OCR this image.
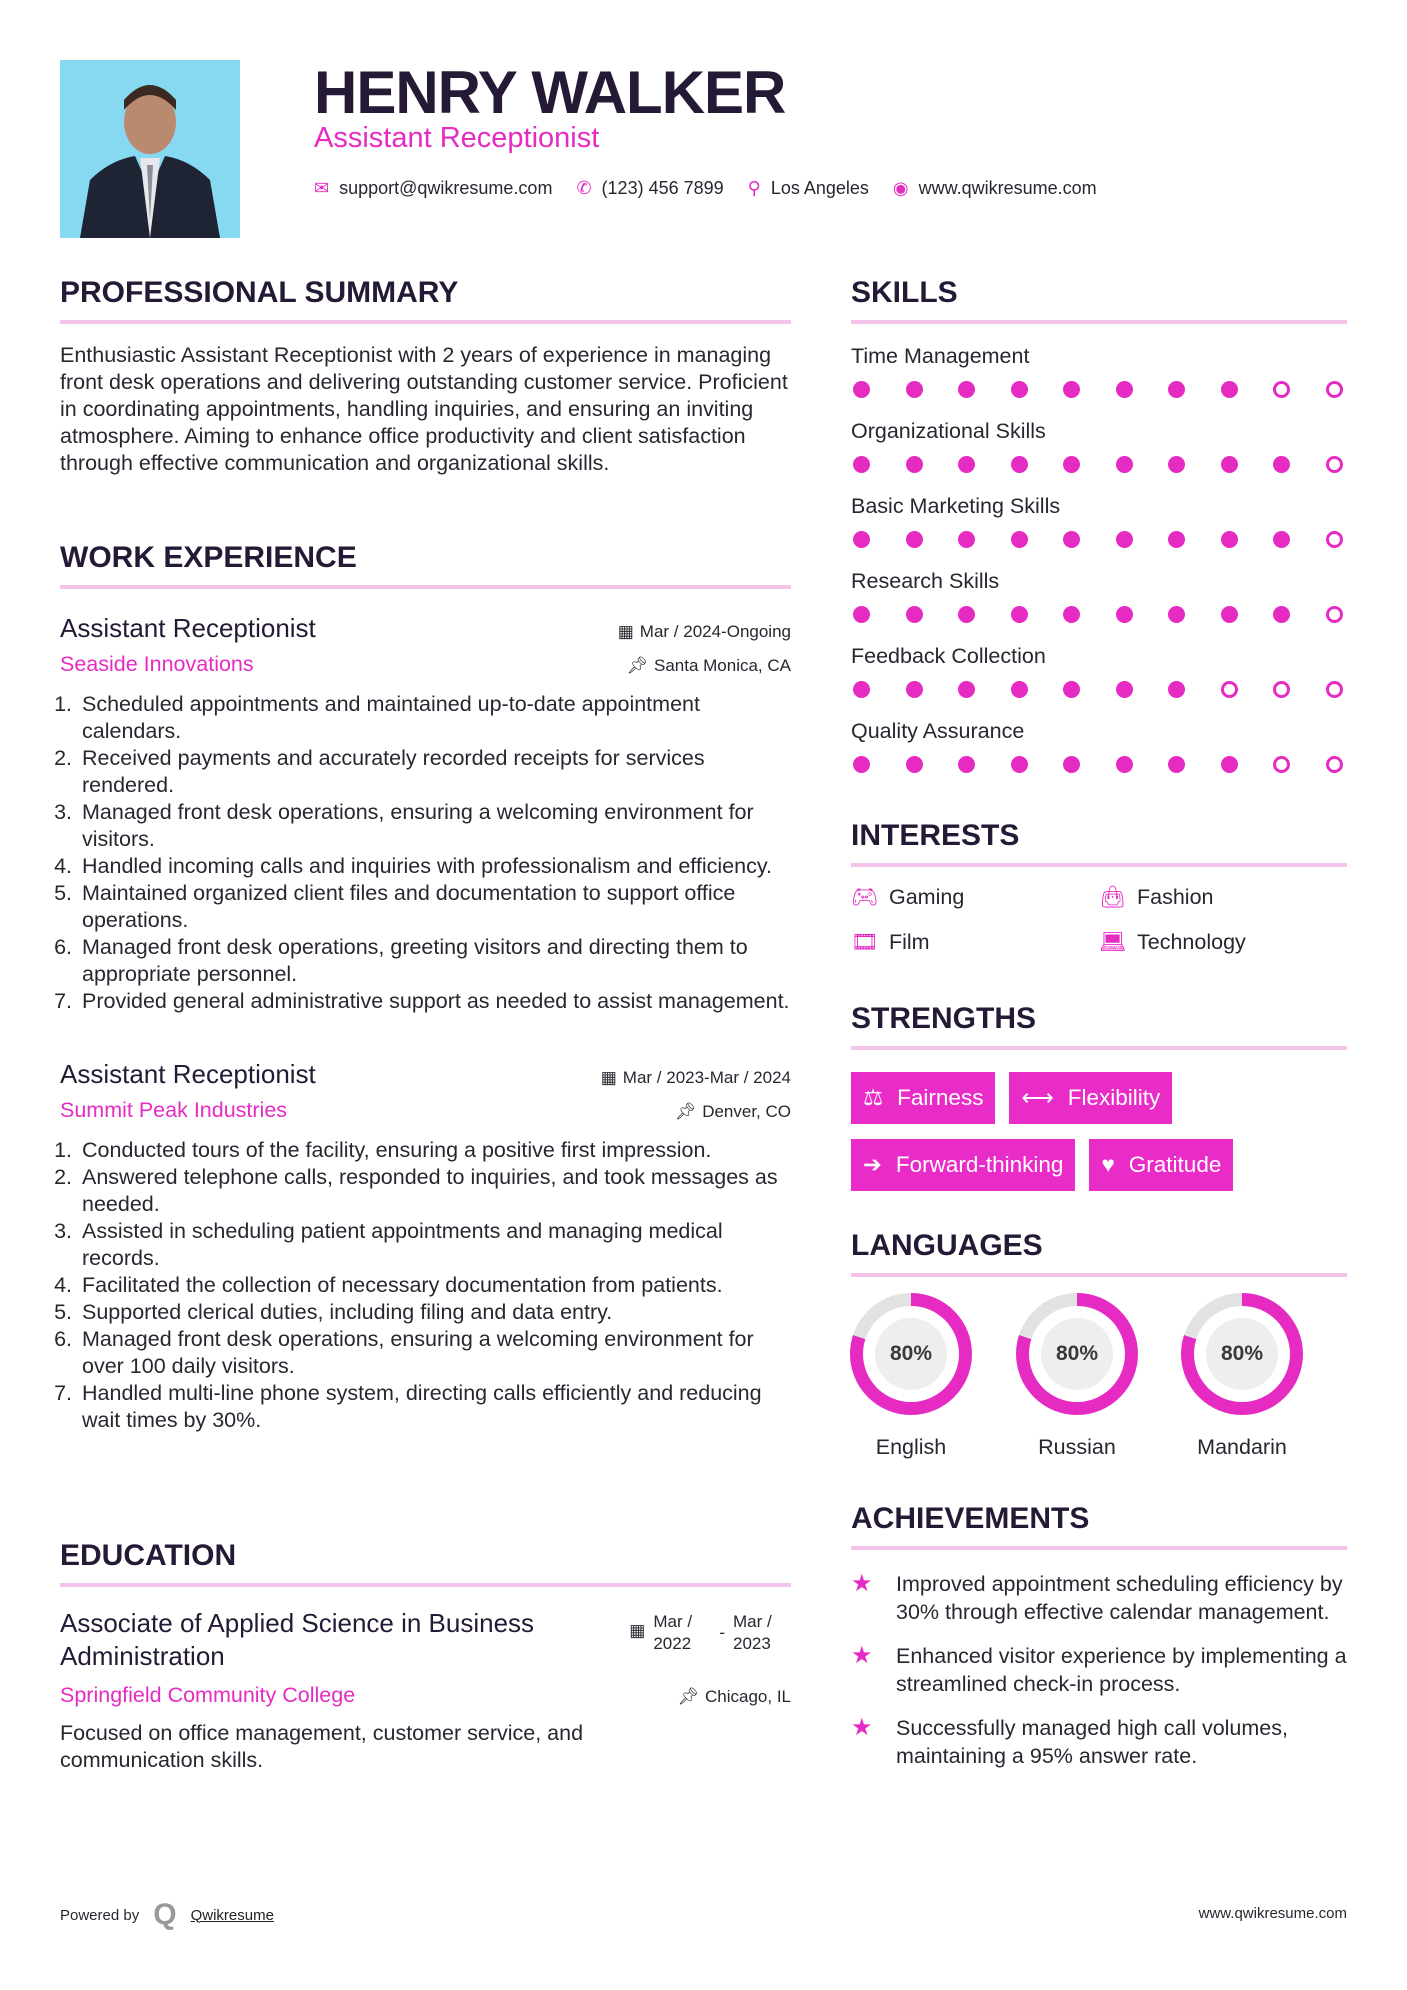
HENRY WALKER
Assistant Receptionist
✉ support@qwikresume.com ✆ (123) 456 7899 ⚲ Los Angeles ◉ www.qwikresume.com
PROFESSIONAL SUMMARY
Enthusiastic Assistant Receptionist with 2 years of experience in managing front desk operations and delivering outstanding customer service. Proficient in coordinating appointments, handling inquiries, and ensuring an inviting atmosphere. Aiming to enhance office productivity and client satisfaction through effective communication and organizational skills.
WORK EXPERIENCE
Assistant Receptionist	▦ Mar / 2024-Ongoing
Seaside Innovations	📌︎ Santa Monica, CA
1. Scheduled appointments and maintained up-to-date appointment calendars.
2. Received payments and accurately recorded receipts for services rendered.
3. Managed front desk operations, ensuring a welcoming environment for visitors.
4. Handled incoming calls and inquiries with professionalism and efficiency.
5. Maintained organized client files and documentation to support office operations.
6. Managed front desk operations, greeting visitors and directing them to appropriate personnel.
7. Provided general administrative support as needed to assist management.
Assistant Receptionist	▦ Mar / 2023-Mar / 2024
Summit Peak Industries	📌︎ Denver, CO
1. Conducted tours of the facility, ensuring a positive first impression.
2. Answered telephone calls, responded to inquiries, and took messages as needed.
3. Assisted in scheduling patient appointments and managing medical records.
4. Facilitated the collection of necessary documentation from patients.
5. Supported clerical duties, including filing and data entry.
6. Managed front desk operations, ensuring a welcoming environment for over 100 daily visitors.
7. Handled multi-line phone system, directing calls efficiently and reducing wait times by 30%.
EDUCATION
Associate of Applied Science in Business Administration
▦ Mar / 2022
-
Mar / 2023
Springfield Community College	📌︎ Chicago, IL
Focused on office management, customer service, and communication skills.
SKILLS
Time Management
Organizational Skills
Basic Marketing Skills
Research Skills
Feedback Collection
Quality Assurance
INTERESTS
🎮︎ Gaming	👜︎ Fashion
🎞︎ Film	💻︎ Technology
STRENGTHS
⚖ Fairness ⟷ Flexibility
➔ Forward-thinking ♥ Gratitude
LANGUAGES
80%
English
80%
Russian
80%
Mandarin
ACHIEVEMENTS
★	Improved appointment scheduling efficiency by 30% through effective calendar management.
★	Enhanced visitor experience by implementing a streamlined check-in process.
★	Successfully managed high call volumes, maintaining a 95% answer rate.
Powered by Q Qwikresume	www.qwikresume.com
